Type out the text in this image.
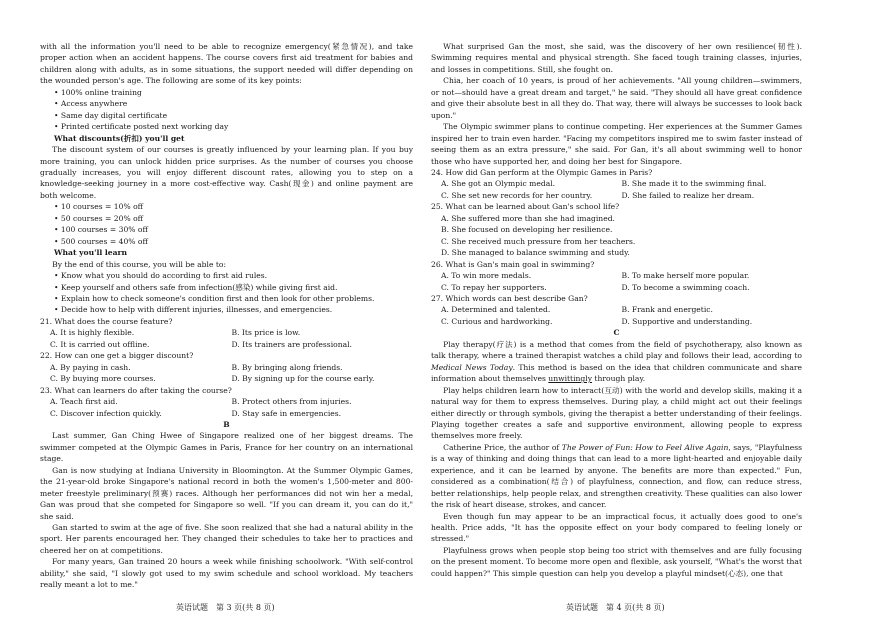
with all the information you'll need to be able to recognize emergency(紧急情况), and take proper action when an accident happens. The course covers first aid treatment for babies and children along with adults, as in some situations, the support needed will differ depending on the wounded person's age. The following are some of its key points:
• 100% online training
• Access anywhere
• Same day digital certificate
• Printed certificate posted next working day
What discounts(折扣) you'll get
The discount system of our courses is greatly influenced by your learning plan. If you buy more training, you can unlock hidden price surprises. As the number of courses you choose gradually increases, you will enjoy different discount rates, allowing you to step on a knowledge-seeking journey in a more cost-effective way. Cash(现金) and online payment are both welcome.
• 10 courses = 10% off
• 50 courses = 20% off
• 100 courses = 30% off
• 500 courses = 40% off
What you'll learn
By the end of this course, you will be able to:
• Know what you should do according to first aid rules.
• Keep yourself and others safe from infection(感染) while giving first aid.
• Explain how to check someone's condition first and then look for other problems.
• Decide how to help with different injuries, illnesses, and emergencies.
21. What does the course feature?
A. It is highly flexible.	B. Its price is low.
C. It is carried out offline.	D. Its trainers are professional.
22. How can one get a bigger discount?
A. By paying in cash.	B. By bringing along friends.
C. By buying more courses.	D. By signing up for the course early.
23. What can learners do after taking the course?
A. Teach first aid.	B. Protect others from injuries.
C. Discover infection quickly.	D. Stay safe in emergencies.
B
Last summer, Gan Ching Hwee of Singapore realized one of her biggest dreams. The swimmer competed at the Olympic Games in Paris, France for her country on an international stage.
Gan is now studying at Indiana University in Bloomington. At the Summer Olympic Games, the 21-year-old broke Singapore's national record in both the women's 1,500-meter and 800-meter freestyle preliminary(预赛) races. Although her performances did not win her a medal, Gan was proud that she competed for Singapore so well. "If you can dream it, you can do it," she said.
Gan started to swim at the age of five. She soon realized that she had a natural ability in the sport. Her parents encouraged her. They changed their schedules to take her to practices and cheered her on at competitions.
For many years, Gan trained 20 hours a week while finishing schoolwork. "With self-control ability," she said, "I slowly got used to my swim schedule and school workload. My teachers really meant a lot to me."
What surprised Gan the most, she said, was the discovery of her own resilience(韧性). Swimming requires mental and physical strength. She faced tough training classes, injuries, and losses in competitions. Still, she fought on.
Chia, her coach of 10 years, is proud of her achievements. "All young children—swimmers, or not—should have a great dream and target," he said. "They should all have great confidence and give their absolute best in all they do. That way, there will always be successes to look back upon."
The Olympic swimmer plans to continue competing. Her experiences at the Summer Games inspired her to train even harder. "Facing my competitors inspired me to swim faster instead of seeing them as an extra pressure," she said. For Gan, it's all about swimming well to honor those who have supported her, and doing her best for Singapore.
24. How did Gan perform at the Olympic Games in Paris?
A. She got an Olympic medal.	B. She made it to the swimming final.
C. She set new records for her country.	D. She failed to realize her dream.
25. What can be learned about Gan's school life?
A. She suffered more than she had imagined.
B. She focused on developing her resilience.
C. She received much pressure from her teachers.
D. She managed to balance swimming and study.
26. What is Gan's main goal in swimming?
A. To win more medals.	B. To make herself more popular.
C. To repay her supporters.	D. To become a swimming coach.
27. Which words can best describe Gan?
A. Determined and talented.	B. Frank and energetic.
C. Curious and hardworking.	D. Supportive and understanding.
C
Play therapy(疗法) is a method that comes from the field of psychotherapy, also known as talk therapy, where a trained therapist watches a child play and follows their lead, according to Medical News Today. This method is based on the idea that children communicate and share information about themselves unwittingly through play.
Play helps children learn how to interact(互动) with the world and develop skills, making it a natural way for them to express themselves. During play, a child might act out their feelings either directly or through symbols, giving the therapist a better understanding of their feelings. Playing together creates a safe and supportive environment, allowing people to express themselves more freely.
Catherine Price, the author of The Power of Fun: How to Feel Alive Again, says, "Playfulness is a way of thinking and doing things that can lead to a more light-hearted and enjoyable daily experience, and it can be learned by anyone. The benefits are more than expected." Fun, considered as a combination(结合) of playfulness, connection, and flow, can reduce stress, better relationships, help people relax, and strengthen creativity. These qualities can also lower the risk of heart disease, strokes, and cancer.
Even though fun may appear to be an impractical focus, it actually does good to one's health. Price adds, "It has the opposite effect on your body compared to feeling lonely or stressed."
Playfulness grows when people stop being too strict with themselves and are fully focusing on the present moment. To become more open and flexible, ask yourself, "What's the worst that could happen?" This simple question can help you develop a playful mindset(心态), one that
英语试题　第 3 页(共 8 页)	英语试题　第 4 页(共 8 页)
